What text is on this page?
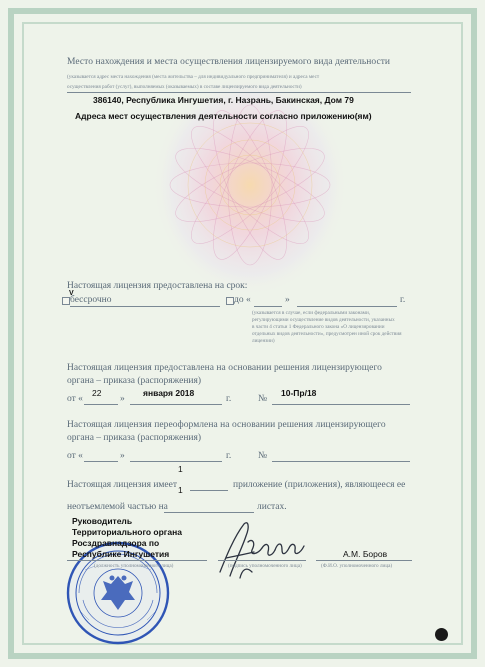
Место нахождения и места осуществления лицензируемого вида деятельности
(указывается адрес места нахождения (места жительства – для индивидуального предпринимателя) и адреса мест
осуществления работ (услуг), выполняемых (оказываемых) в составе лицензируемого вида деятельности)
386140, Республика Ингушетия, г. Назрань, Бакинская, Дом 79
Адреса мест осуществления деятельности согласно приложению(ям)
Настоящая лицензия предоставлена на срок:
V
бессрочно	до «	»	г.
(указывается в случае, если федеральными законами,
регулирующими осуществление видов деятельности, указанных
в части 4 статьи 1 Федерального закона «О лицензировании
отдельных видов деятельности», предусмотрен иной срок действия
лицензии)
Настоящая лицензия предоставлена на основании решения лицензирующего
органа – приказа (распоряжения)
от «
22
»
января 2018
г.	№
10-Пр/18
Настоящая лицензия переоформлена на основании решения лицензирующего
органа – приказа (распоряжения)
от «	»	г.	№
1
Настоящая лицензия имеет	приложение (приложения), являющееся ее
1
неотъемлемой частью на	листах.
Руководитель
Территориального органа
Росздравнадзора по
Республике Ингушетия
(должность уполномоченного лица)	(подпись уполномоченного лица)
А.М. Боров
(Ф.И.О. уполномоченного лица)
